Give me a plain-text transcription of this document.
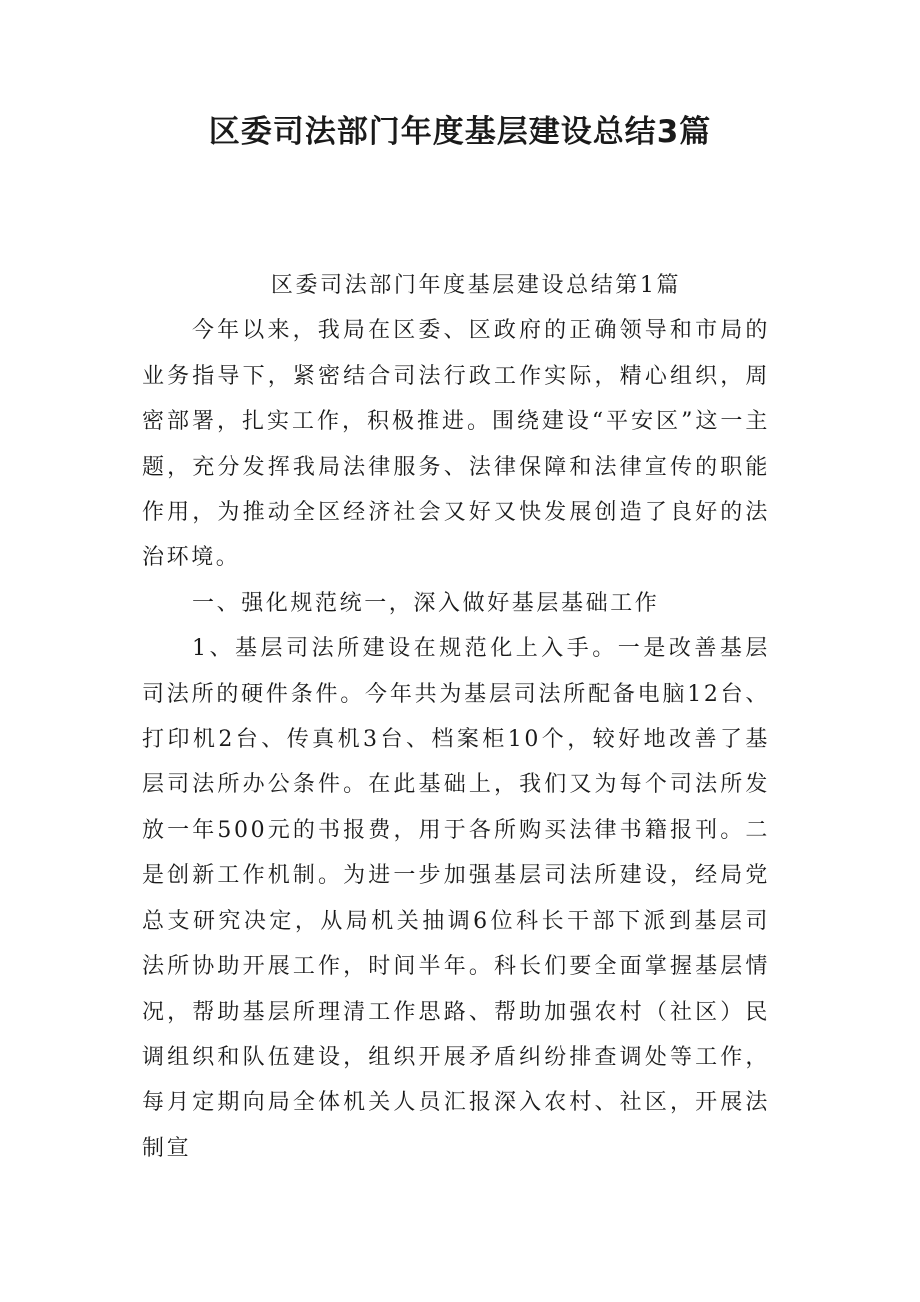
区委司法部门年度基层建设总结3篇

区委司法部门年度基层建设总结第1篇

今年以来，我局在区委、区政府的正确领导和市局的业务指导下，紧密结合司法行政工作实际，精心组织，周密部署，扎实工作，积极推进。围绕建设“平安区”这一主题，充分发挥我局法律服务、法律保障和法律宣传的职能作用，为推动全区经济社会又好又快发展创造了良好的法治环境。

一、强化规范统一，深入做好基层基础工作

1、基层司法所建设在规范化上入手。一是改善基层司法所的硬件条件。今年共为基层司法所配备电脑12台、打印机2台、传真机3台、档案柜10个，较好地改善了基层司法所办公条件。在此基础上，我们又为每个司法所发放一年500元的书报费，用于各所购买法律书籍报刊。二是创新工作机制。为进一步加强基层司法所建设，经局党总支研究决定，从局机关抽调6位科长干部下派到基层司法所协助开展工作，时间半年。科长们要全面掌握基层情况，帮助基层所理清工作思路、帮助加强农村（社区）民调组织和队伍建设，组织开展矛盾纠纷排查调处等工作，每月定期向局全体机关人员汇报深入农村、社区，开展法制宣
